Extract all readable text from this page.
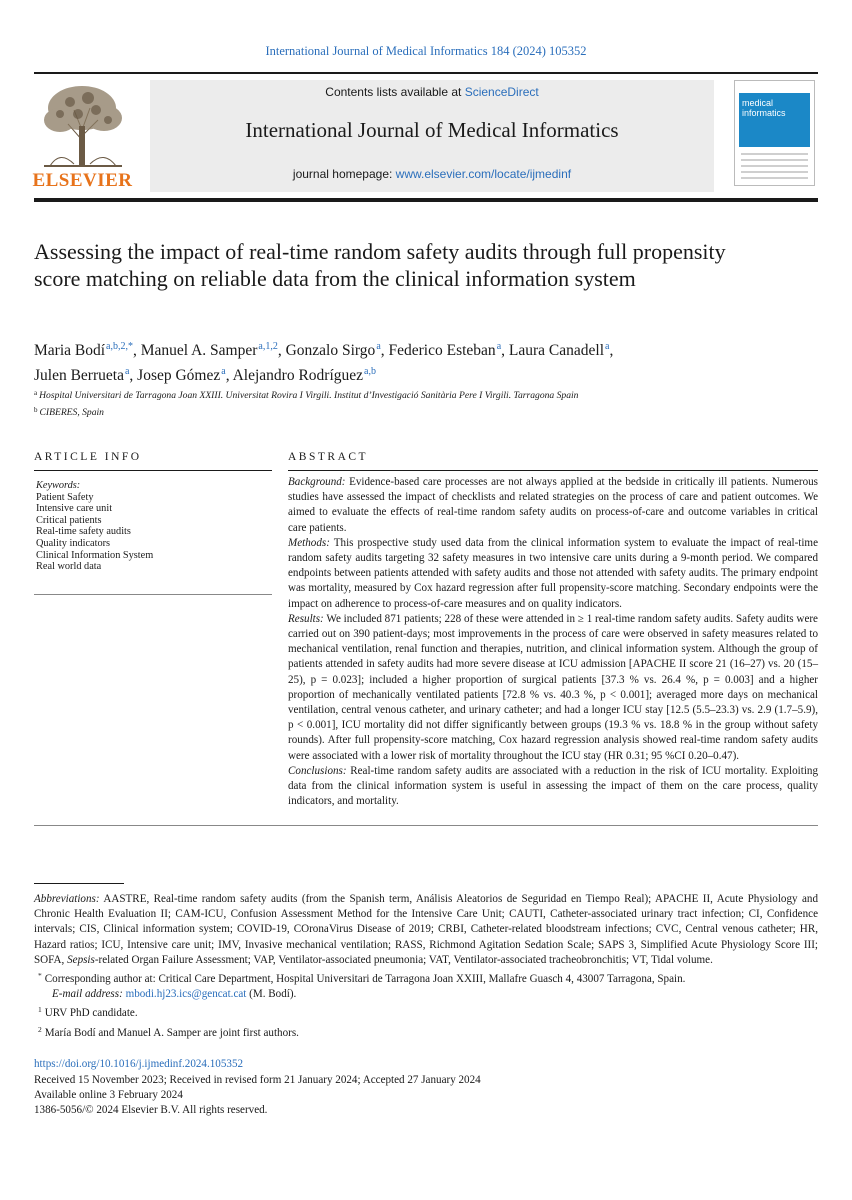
International Journal of Medical Informatics 184 (2024) 105352
ELSEVIER
Contents lists available at ScienceDirect
International Journal of Medical Informatics
journal homepage: www.elsevier.com/locate/ijmedinf
medical
informatics
Assessing the impact of real-time random safety audits through full propensity score matching on reliable data from the clinical information system
Maria Bodí$^{a,b,2,*}$, Manuel A. Samper$^{a,1,2}$, Gonzalo Sirgo$^a$, Federico Esteban$^a$, Laura Canadell$^a$,
Julen Berrueta$^a$, Josep Gómez$^a$, Alejandro Rodríguez$^{a,b}$
$^a$ Hospital Universitari de Tarragona Joan XXIII. Universitat Rovira I Virgili. Institut d’Investigació Sanitària Pere I Virgili. Tarragona Spain
$^b$ CIBERES, Spain
ARTICLE INFO	ABSTRACT
Keywords:
Patient Safety
Intensive care unit
Critical patients
Real-time safety audits
Quality indicators
Clinical Information System
Real world data

Background: Evidence-based care processes are not always applied at the bedside in critically ill patients. Numerous studies have assessed the impact of checklists and related strategies on the process of care and patient outcomes. We aimed to evaluate the effects of real-time random safety audits on process-of-care and outcome variables in critical care patients.

Methods: This prospective study used data from the clinical information system to evaluate the impact of real-time random safety audits targeting 32 safety measures in two intensive care units during a 9-month period. We compared endpoints between patients attended with safety audits and those not attended with safety audits. The primary endpoint was mortality, measured by Cox hazard regression after full propensity-score matching. Secondary endpoints were the impact on adherence to process-of-care measures and on quality indicators.

Results: We included 871 patients; 228 of these were attended in ≥ 1 real-time random safety audits. Safety audits were carried out on 390 patient-days; most improvements in the process of care were observed in safety measures related to mechanical ventilation, renal function and therapies, nutrition, and clinical information system. Although the group of patients attended in safety audits had more severe disease at ICU admission [APACHE II score 21 (16–27) vs. 20 (15–25), p = 0.023]; included a higher proportion of surgical patients [37.3 % vs. 26.4 %, p = 0.003] and a higher proportion of mechanically ventilated patients [72.8 % vs. 40.3 %, p < 0.001]; averaged more days on mechanical ventilation, central venous catheter, and urinary catheter; and had a longer ICU stay [12.5 (5.5–23.3) vs. 2.9 (1.7–5.9), p < 0.001], ICU mortality did not differ significantly between groups (19.3 % vs. 18.8 % in the group without safety rounds). After full propensity-score matching, Cox hazard regression analysis showed real-time random safety audits were associated with a lower risk of mortality throughout the ICU stay (HR 0.31; 95 %CI 0.20–0.47).

Conclusions: Real-time random safety audits are associated with a reduction in the risk of ICU mortality. Exploiting data from the clinical information system is useful in assessing the impact of them on the care process, quality indicators, and mortality.

Abbreviations: AASTRE, Real-time random safety audits (from the Spanish term, Análisis Aleatorios de Seguridad en Tiempo Real); APACHE II, Acute Physiology and Chronic Health Evaluation II; CAM-ICU, Confusion Assessment Method for the Intensive Care Unit; CAUTI, Catheter-associated urinary tract infection; CI, Confidence intervals; CIS, Clinical information system; COVID-19, COronaVirus Disease of 2019; CRBI, Catheter-related bloodstream infections; CVC, Central venous catheter; HR, Hazard ratios; ICU, Intensive care unit; IMV, Invasive mechanical ventilation; RASS, Richmond Agitation Sedation Scale; SAPS 3, Simplified Acute Physiology Score III; SOFA, Sepsis-related Organ Failure Assessment; VAP, Ventilator-associated pneumonia; VAT, Ventilator-associated tracheobronchitis; VT, Tidal volume.

* Corresponding author at: Critical Care Department, Hospital Universitari de Tarragona Joan XXIII, Mallafre Guasch 4, 43007 Tarragona, Spain.

E-mail address: mbodi.hj23.ics@gencat.cat (M. Bodí).

$^1$ URV PhD candidate.

$^2$ María Bodí and Manuel A. Samper are joint first authors.

https://doi.org/10.1016/j.ijmedinf.2024.105352
Received 15 November 2023; Received in revised form 21 January 2024; Accepted 27 January 2024
Available online 3 February 2024
1386-5056/© 2024 Elsevier B.V. All rights reserved.
